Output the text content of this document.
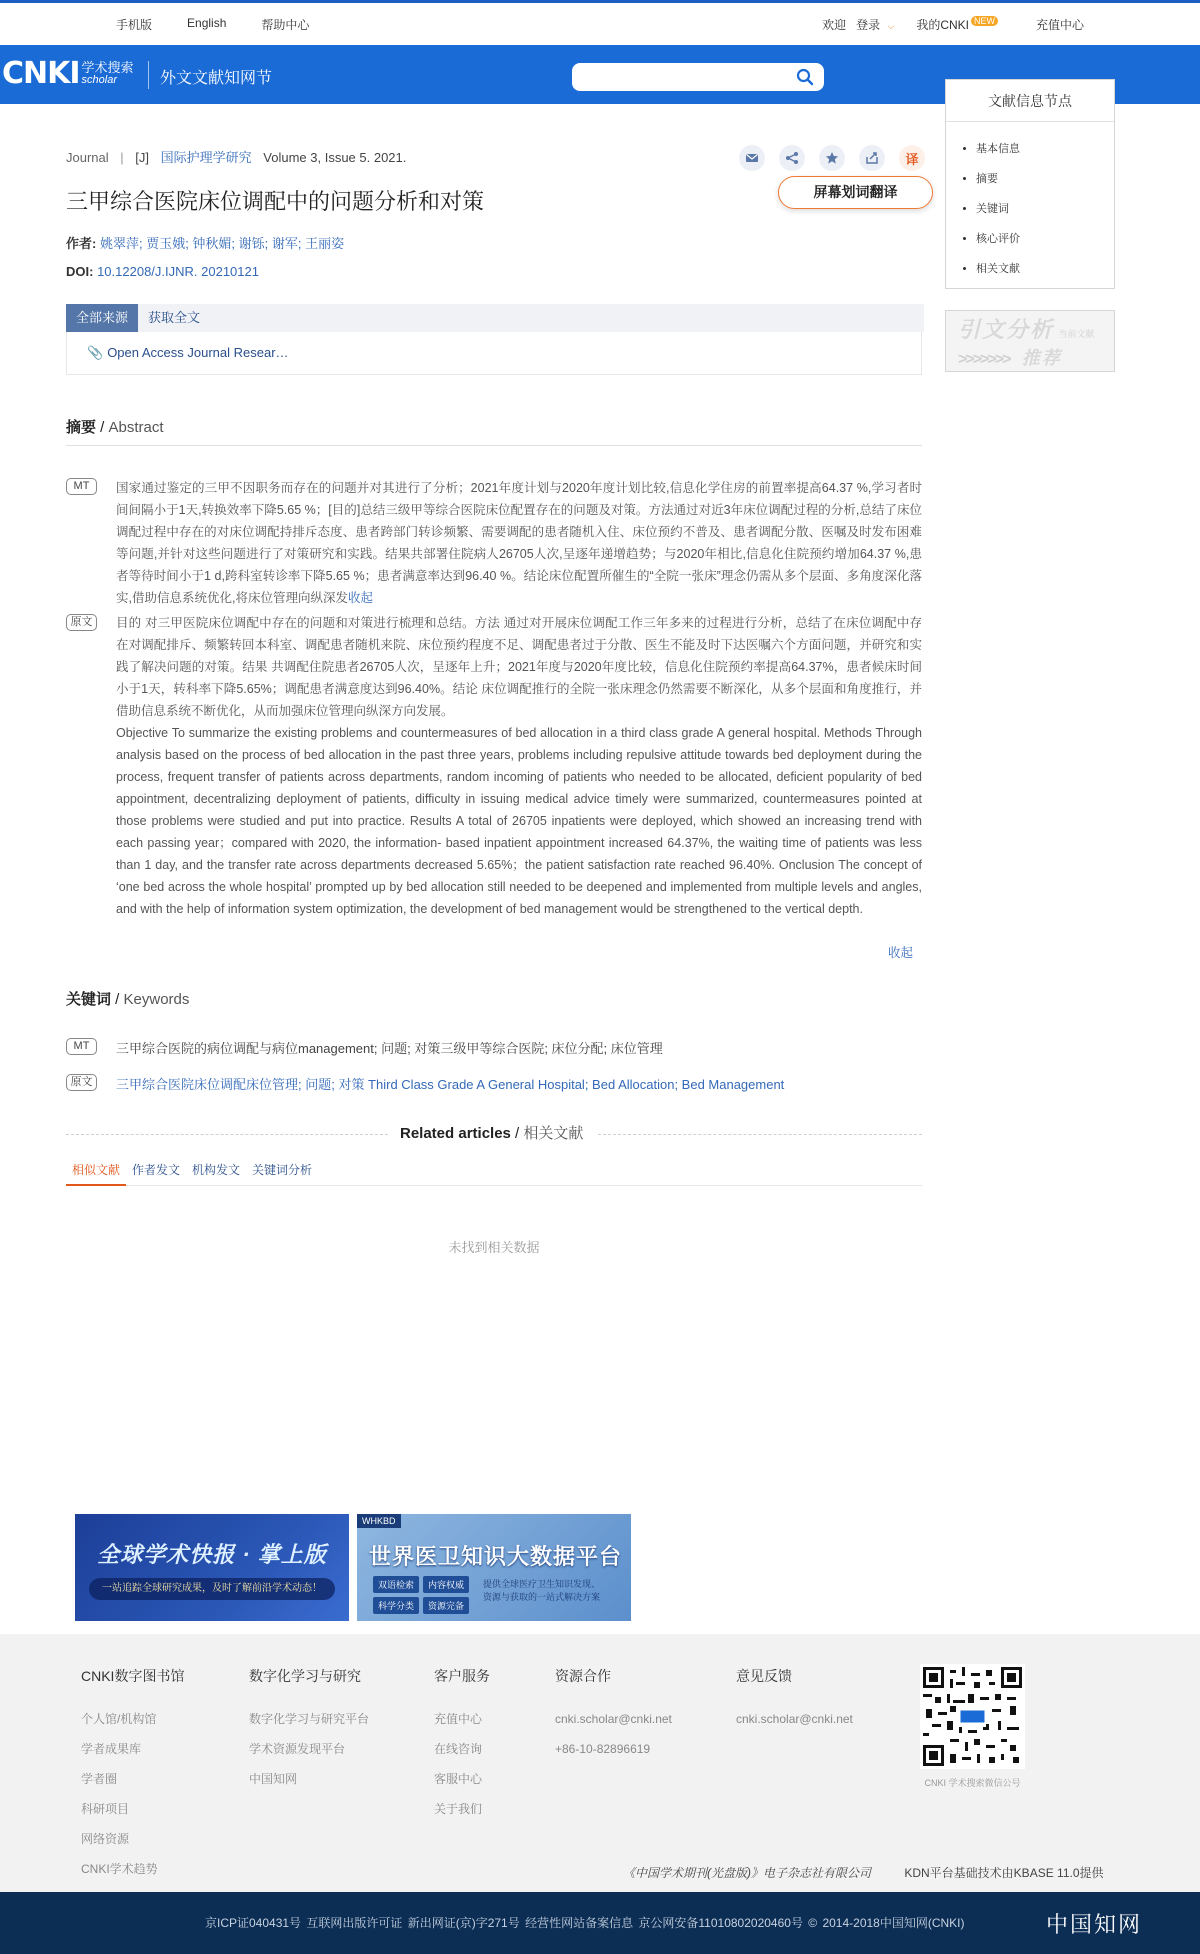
手机版	English	帮助中心	欢迎 登录 ⌵ 我的CNKI NEW	充值中心
CNKI 学术搜索
scholar	外文文献知网节
Journal | [J] 国际护理学研究 Volume 3, Issue 5. 2021.	译
三甲综合医院床位调配中的问题分析和对策
作者: 姚翠萍; 贾玉娥; 钟秋媚; 谢铄; 谢军; 王丽姿
DOI: 10.12208/J.IJNR. 20210121
全部来源	获取全文
📎 Open Access Journal Resear…
摘要 / Abstract
MT	国家通过鉴定的三甲不因职务而存在的问题并对其进行了分析；2021年度计划与2020年度计划比较,信息化学住房的前置率提高64.37 %,学习者时间间隔小于1天,转换效率下降5.65 %；[目的]总结三级甲等综合医院床位配置存在的问题及对策。方法通过对近3年床位调配过程的分析,总结了床位调配过程中存在的对床位调配持排斥态度、患者跨部门转诊频繁、需要调配的患者随机入住、床位预约不普及、患者调配分散、医嘱及时发布困难等问题,并针对这些问题进行了对策研究和实践。结果共部署住院病人26705人次,呈逐年递增趋势；与2020年相比,信息化住院预约增加64.37 %,患者等待时间小于1 d,跨科室转诊率下降5.65 %；患者满意率达到96.40 %。结论床位配置所催生的“全院一张床”理念仍需从多个层面、多角度深化落实,借助信息系统优化,将床位管理向纵深发收起
原文	目的 对三甲医院床位调配中存在的问题和对策进行梳理和总结。方法 通过对开展床位调配工作三年多来的过程进行分析，总结了在床位调配中存在对调配排斥、频繁转回本科室、调配患者随机来院、床位预约程度不足、调配患者过于分散、医生不能及时下达医嘱六个方面问题，并研究和实践了解决问题的对策。结果 共调配住院患者26705人次，呈逐年上升；2021年度与2020年度比较，信息化住院预约率提高64.37%，患者候床时间小于1天，转科率下降5.65%；调配患者满意度达到96.40%。结论 床位调配推行的全院一张床理念仍然需要不断深化，从多个层面和角度推行，并借助信息系统不断优化，从而加强床位管理向纵深方向发展。
Objective To summarize the existing problems and countermeasures of bed allocation in a third class grade A general hospital. Methods Through analysis based on the process of bed allocation in the past three years, problems including repulsive attitude towards bed deployment during the process, frequent transfer of patients across departments, random incoming of patients who needed to be allocated, deficient popularity of bed appointment, decentralizing deployment of patients, difficulty in issuing medical advice timely were summarized, countermeasures pointed at those problems were studied and put into practice. Results A total of 26705 inpatients were deployed, which showed an increasing trend with each passing year；compared with 2020, the information- based inpatient appointment increased 64.37%, the waiting time of patients was less than 1 day, and the transfer rate across departments decreased 5.65%；the patient satisfaction rate reached 96.40%. Onclusion The concept of ‘one bed across the whole hospital’ prompted up by bed allocation still needed to be deepened and implemented from multiple levels and angles, and with the help of information system optimization, the development of bed management would be strengthened to the vertical depth.
收起
关键词 / Keywords
MT	三甲综合医院的病位调配与病位management; 问题; 对策三级甲等综合医院; 床位分配; 床位管理
原文	三甲综合医院床位调配床位管理; 问题; 对策 Third Class Grade A General Hospital; Bed Allocation; Bed Management
Related articles / 相关文献
相似文献	作者发文	机构发文	关键词分析
未找到相关数据
屏幕划词翻译
文献信息节点
基本信息
摘要
关键词
核心评价
相关文献
引文分析 当前文献
>>>>>>> 推荐
全球学术快报 · 掌上版
一站追踪全球研究成果，及时了解前沿学术动态！
WHKBD
世界医卫知识大数据平台
双语检索	内容权威
科学分类	资源完备
提供全球医疗卫生知识发现、
资源与获取的一站式解决方案
CNKI数字图书馆
个人馆/机构馆
学者成果库
学者圈
科研项目
网络资源
CNKI学术趋势
数字化学习与研究
数字化学习与研究平台
学术资源发现平台
中国知网
客户服务
充值中心
在线咨询
客服中心
关于我们
资源合作
cnki.scholar@cnki.net
+86-10-82896619
意见反馈
cnki.scholar@cnki.net
CNKI 学术搜索微信公号
《中国学术期刊(光盘版)》电子杂志社有限公司	KDN平台基础技术由KBASE 11.0提供
京ICP证040431号 互联网出版许可证 新出网证(京)字271号 经营性网站备案信息 京公网安备11010802020460号 © 2014-2018中国知网(CNKI)	中国知网
